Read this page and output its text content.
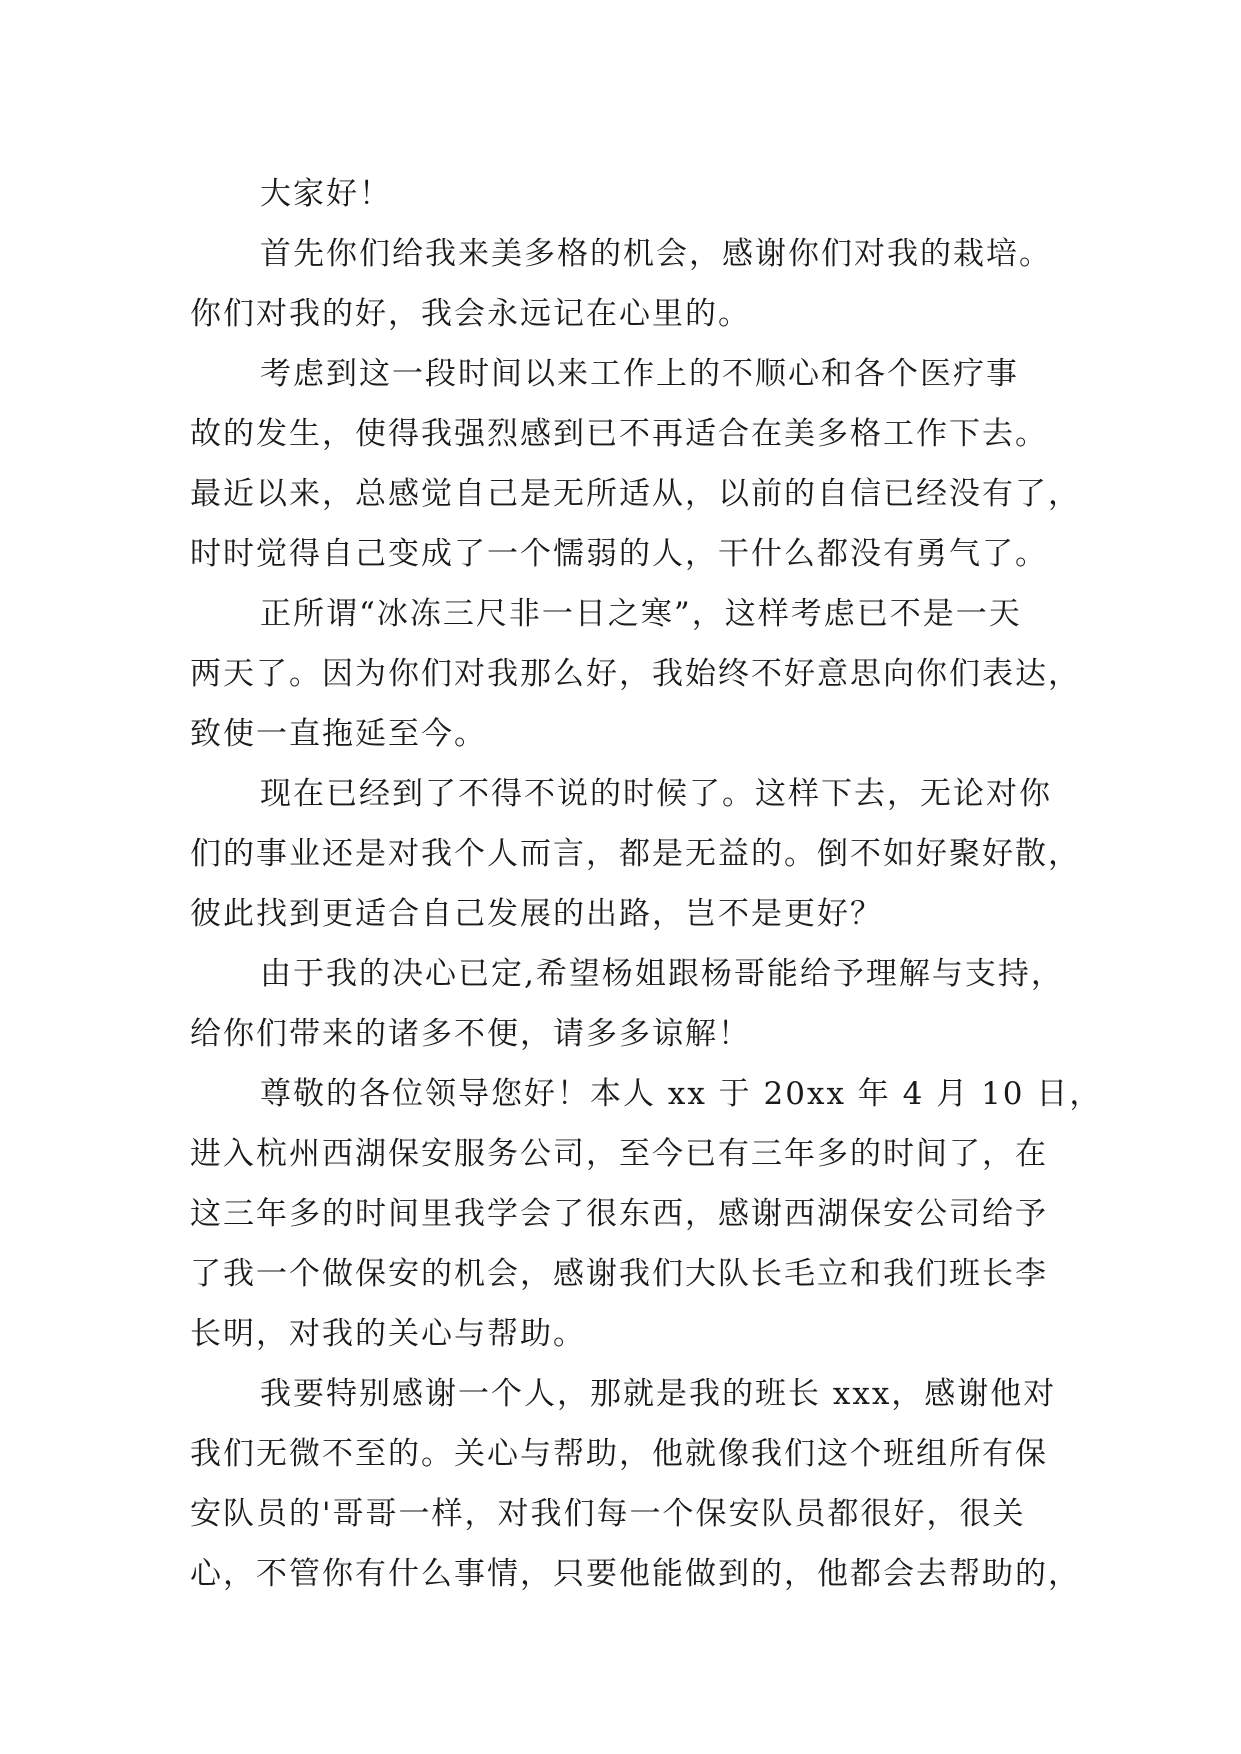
大家好！
首先你们给我来美多格的机会，感谢你们对我的栽培。
你们对我的好，我会永远记在心里的。
考虑到这一段时间以来工作上的不顺心和各个医疗事
故的发生，使得我强烈感到已不再适合在美多格工作下去。
最近以来，总感觉自己是无所适从，以前的自信已经没有了，
时时觉得自己变成了一个懦弱的人，干什么都没有勇气了。
正所谓“冰冻三尺非一日之寒”，这样考虑已不是一天
两天了。因为你们对我那么好，我始终不好意思向你们表达，
致使一直拖延至今。
现在已经到了不得不说的时候了。这样下去，无论对你
们的事业还是对我个人而言，都是无益的。倒不如好聚好散，
彼此找到更适合自己发展的出路，岂不是更好？
由于我的决心已定,希望杨姐跟杨哥能给予理解与支持，
给你们带来的诸多不便，请多多谅解！
尊敬的各位领导您好！本人 xx 于 20xx 年 4 月 10 日，
进入杭州西湖保安服务公司，至今已有三年多的时间了，在
这三年多的时间里我学会了很东西，感谢西湖保安公司给予
了我一个做保安的机会，感谢我们大队长毛立和我们班长李
长明，对我的关心与帮助。
我要特别感谢一个人，那就是我的班长 xxx，感谢他对
我们无微不至的。关心与帮助，他就像我们这个班组所有保
安队员的'哥哥一样，对我们每一个保安队员都很好，很关
心，不管你有什么事情，只要他能做到的，他都会去帮助的，
